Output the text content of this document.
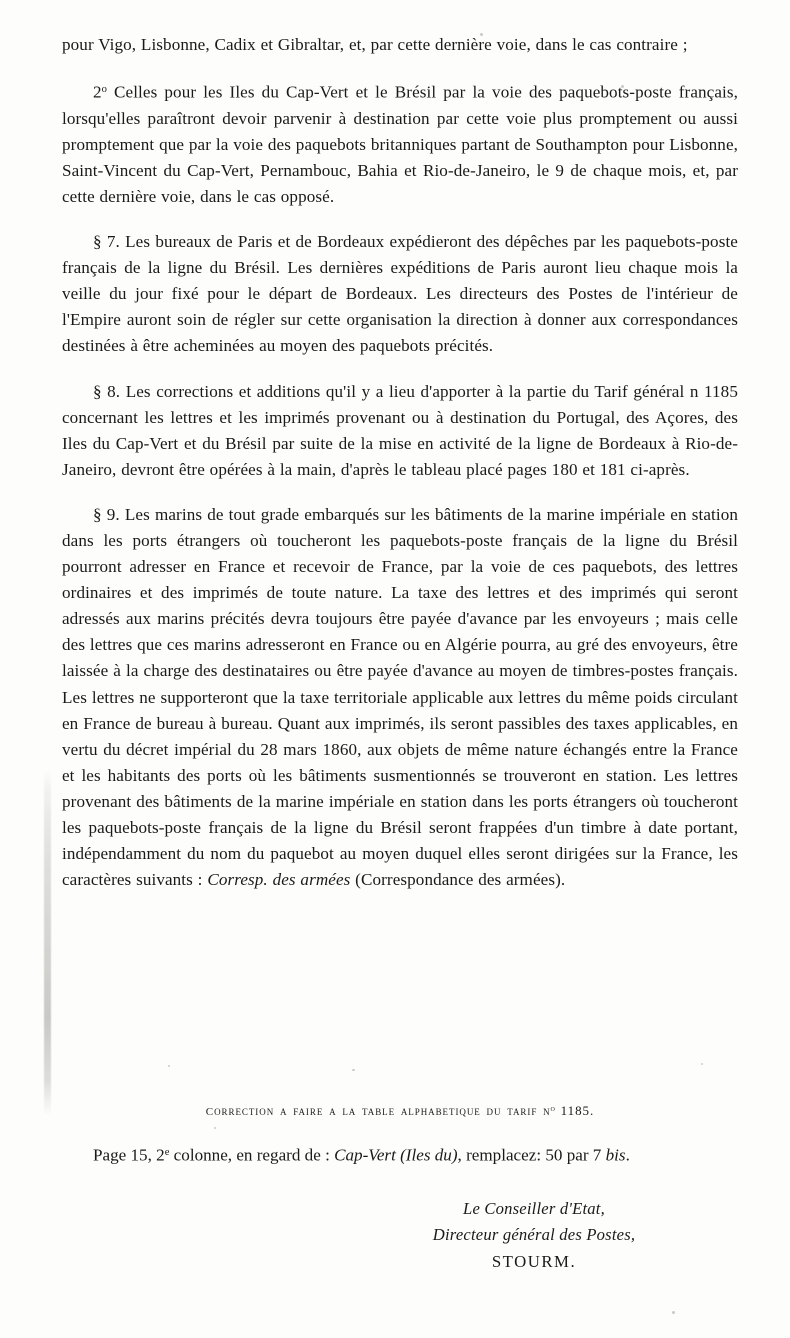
pour Vigo, Lisbonne, Cadix et Gibraltar, et, par cette dernière voie, dans le cas contraire ;

2$^o$ Celles pour les Iles du Cap-Vert et le Brésil par la voie des paquebots-poste français, lorsqu'elles paraîtront devoir parvenir à destination par cette voie plus promptement ou aussi promptement que par la voie des paquebots britanniques partant de Southampton pour Lisbonne, Saint-Vincent du Cap-Vert, Pernambouc, Bahia et Rio-de-Janeiro, le 9 de chaque mois, et, par cette dernière voie, dans le cas opposé.

§ 7. Les bureaux de Paris et de Bordeaux expédieront des dépêches par les paquebots-poste français de la ligne du Brésil. Les dernières expéditions de Paris auront lieu chaque mois la veille du jour fixé pour le départ de Bordeaux. Les directeurs des Postes de l'intérieur de l'Empire auront soin de régler sur cette organisation la direction à donner aux correspondances destinées à être acheminées au moyen des paquebots précités.

§ 8. Les corrections et additions qu'il y a lieu d'apporter à la partie du Tarif général n 1185 concernant les lettres et les imprimés provenant ou à destination du Portugal, des Açores, des Iles du Cap-Vert et du Brésil par suite de la mise en activité de la ligne de Bordeaux à Rio-de-Janeiro, devront être opérées à la main, d'après le tableau placé pages 180 et 181 ci-après.

§ 9. Les marins de tout grade embarqués sur les bâtiments de la marine impériale en station dans les ports étrangers où toucheront les paquebots-poste français de la ligne du Brésil pourront adresser en France et recevoir de France, par la voie de ces paquebots, des lettres ordinaires et des imprimés de toute nature. La taxe des lettres et des imprimés qui seront adressés aux marins précités devra toujours être payée d'avance par les envoyeurs ; mais celle des lettres que ces marins adresseront en France ou en Algérie pourra, au gré des envoyeurs, être laissée à la charge des destinataires ou être payée d'avance au moyen de timbres-postes français. Les lettres ne supporteront que la taxe territoriale applicable aux lettres du même poids circulant en France de bureau à bureau. Quant aux imprimés, ils seront passibles des taxes applicables, en vertu du décret impérial du 28 mars 1860, aux objets de même nature échangés entre la France et les habitants des ports où les bâtiments susmentionnés se trouveront en station. Les lettres provenant des bâtiments de la marine impériale en station dans les ports étrangers où toucheront les paquebots-poste français de la ligne du Brésil seront frappées d'un timbre à date portant, indépendamment du nom du paquebot au moyen duquel elles seront dirigées sur la France, les caractères suivants : Corresp. des armées (Correspondance des armées).

correction a faire a la table alphabetique du tarif $n^o$ 1185.

Page 15, 2e colonne, en regard de : Cap-Vert (Iles du), remplacez: 50 par 7 bis.

Le Conseiller d'Etat,
Directeur général des Postes,
STOURM.
